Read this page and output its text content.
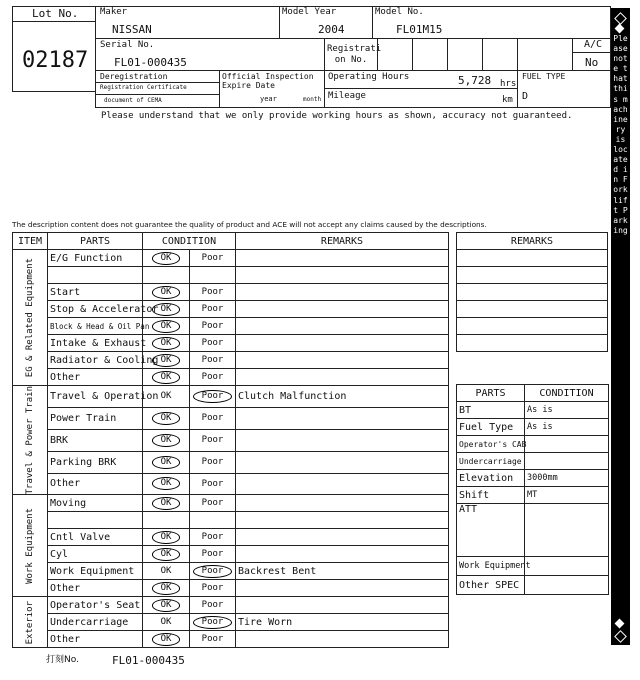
Lot No.
02187
Maker
NISSAN
Model Year
2004
Model No.
FL01M15
Serial No.
FL01-000435
Registrati on No.
A/C
No
Deregistration
Registration Certificate
document of CEMA
Official Inspection Expire Date
year	month
Operating Hours	5,728 hrs
Mileage	km
FUEL TYPE
D
Please understand that we only provide working hours as shown, accuracy not guaranteed.
The description content does not guarantee the quality of product and ACE will not accept any claims caused by the descriptions.
ITEM	PARTS	CONDITION		REMARKS

EG & Related Equipment	E/G Function	OK	Poor	

	Start	OK	Poor	
	Stop & Accelerator	OK	Poor	
	Block & Head & Oil Pan	OK	Poor	
	Intake & Exhaust	OK	Poor	
	Radiator & Cooling	OK	Poor	
	Other	OK	Poor	

Travel & Power Train	Travel & Operation	OK	Poor	Clutch Malfunction
	Power Train	OK	Poor	
	BRK	OK	Poor	
	Parking BRK	OK	Poor	
	Other	OK	Poor	

Work Equipment	Moving	OK	Poor	

	Cntl Valve	OK	Poor	
	Cyl	OK	Poor	
	Work Equipment	OK	Poor	Backrest Bent
	Other	OK	Poor	

Exterior	Operator's Seat	OK	Poor	
	Undercarriage	OK	Poor	Tire Worn
	Other	OK	Poor	
REMARKS

PARTS	CONDITION
BT	As is
Fuel Type	As is
Operator's CAB	
Undercarriage	
Elevation	3000mm
Shift	MT
ATT	
Work Equipment	
Other SPEC	
Please note that this machinery is located in Forklift Parking
打刻No.	FL01-000435
